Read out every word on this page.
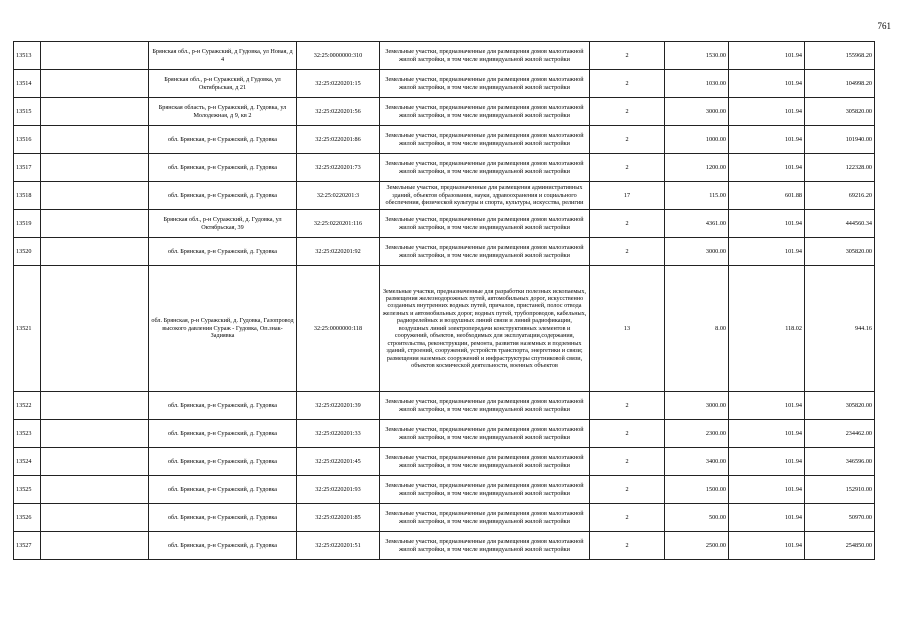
761
13513		Брянская обл., р-н Суражский, д Гудовка, ул Новая, д 4	32:25:0000000:310	Земельные участки, предназначенные для размещения домов малоэтажной жилой застройки, в том числе индивидуальной жилой застройки	2	1530.00	101.94	155968.20
13514		Брянская обл., р-н Суражский, д Гудовка, ул Октябрьская, д 21	32:25:0220201:15	Земельные участки, предназначенные для размещения домов малоэтажной жилой застройки, в том числе индивидуальной жилой застройки	2	1030.00	101.94	104998.20
13515		Брянская область, р-н Суражский, д. Гудовка, ул Молодежная, д 9, кв 2	32:25:0220201:56	Земельные участки, предназначенные для размещения домов малоэтажной жилой застройки, в том числе индивидуальной жилой застройки	2	3000.00	101.94	305820.00
13516		обл. Брянская, р-н Суражский, д. Гудовка	32:25:0220201:86	Земельные участки, предназначенные для размещения домов малоэтажной жилой застройки, в том числе индивидуальной жилой застройки	2	1000.00	101.94	101940.00
13517		обл. Брянская, р-н Суражский, д. Гудовка	32:25:0220201:73	Земельные участки, предназначенные для размещения домов малоэтажной жилой застройки, в том числе индивидуальной жилой застройки	2	1200.00	101.94	122328.00
13518		обл. Брянская, р-н Суражский, д. Гудовка	32:25:0220201:3	Земельные участки, предназначенные для размещения административных зданий, объектов образования, науки, здравоохранения и социального обеспечения, физической культуры и спорта, культуры, искусства, религии	17	115.00	601.88	69216.20
13519		Брянская обл., р-н Суражский, д. Гудовка, ул Октябрьская, 39	32:25:0220201:116	Земельные участки, предназначенные для размещения домов малоэтажной жилой застройки, в том числе индивидуальной жилой застройки	2	4361.00	101.94	444560.34
13520		обл. Брянская, р-н Суражский, д. Гудовка	32:25:0220201:92	Земельные участки, предназначенные для размещения домов малоэтажной жилой застройки, в том числе индивидуальной жилой застройки	2	3000.00	101.94	305820.00
13521		обл. Брянская, р-н Суражский, д. Гудовка, Газопровод высокого давления Сураж - Гудовка, Оп.знак-Задиявка	32:25:0000000:118	Земельные участки, предназначенные для разработки полезных ископаемых, размещения железнодорожных путей, автомобильных дорог, искусственно созданных внутренних водных путей, причалов, пристаней, полос отвода железных и автомобильных дорог, водных путей, трубопроводов, кабельных, радиорелейных и воздушных линий связи и линий радиофикации, воздушных линий электропередачи конструктивных элементов и сооружений, объектов, необходимых для эксплуатации,содержания, строительства, реконструкции, ремонта, развития наземных и подземных зданий, строений, сооружений, устройств транспорта, энергетики и связи; размещения наземных сооружений и инфраструктуры спутниковой связи, объектов космической деятельности, военных объектов	13	8.00	118.02	944.16
13522		обл. Брянская, р-н Суражский, д. Гудовка	32:25:0220201:39	Земельные участки, предназначенные для размещения домов малоэтажной жилой застройки, в том числе индивидуальной жилой застройки	2	3000.00	101.94	305820.00
13523		обл. Брянская, р-н Суражский, д. Гудовка	32:25:0220201:33	Земельные участки, предназначенные для размещения домов малоэтажной жилой застройки, в том числе индивидуальной жилой застройки	2	2300.00	101.94	234462.00
13524		обл. Брянская, р-н Суражский, д. Гудовка	32:25:0220201:45	Земельные участки, предназначенные для размещения домов малоэтажной жилой застройки, в том числе индивидуальной жилой застройки	2	3400.00	101.94	346596.00
13525		обл. Брянская, р-н Суражский, д. Гудовка	32:25:0220201:93	Земельные участки, предназначенные для размещения домов малоэтажной жилой застройки, в том числе индивидуальной жилой застройки	2	1500.00	101.94	152910.00
13526		обл. Брянская, р-н Суражский, д. Гудовка	32:25:0220201:85	Земельные участки, предназначенные для размещения домов малоэтажной жилой застройки, в том числе индивидуальной жилой застройки	2	500.00	101.94	50970.00
13527		обл. Брянская, р-н Суражский, д. Гудовка	32:25:0220201:51	Земельные участки, предназначенные для размещения домов малоэтажной жилой застройки, в том числе индивидуальной жилой застройки	2	2500.00	101.94	254850.00
